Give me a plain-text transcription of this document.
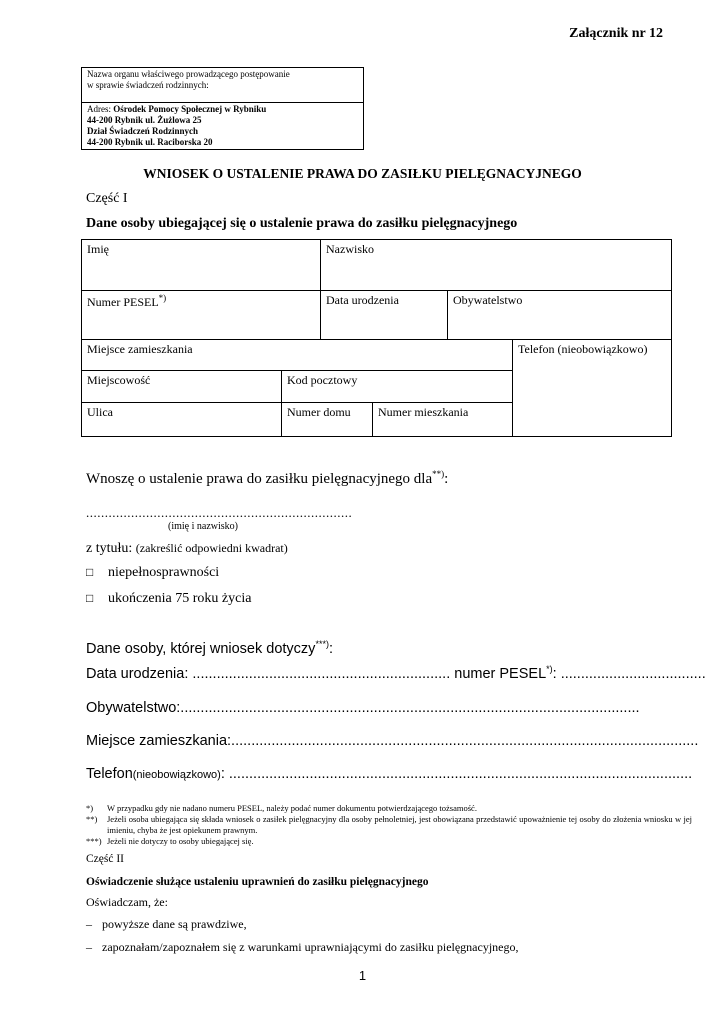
Załącznik nr 12
Nazwa organu właściwego prowadzącego postępowanie
w sprawie świadczeń rodzinnych:
Adres: Ośrodek Pomocy Społecznej w Rybniku
44-200 Rybnik ul. Żużlowa 25
Dział Świadczeń Rodzinnych
44-200 Rybnik ul. Raciborska 20
WNIOSEK O USTALENIE PRAWA DO ZASIŁKU PIELĘGNACYJNEGO
Część I
Dane osoby ubiegającej się o ustalenie prawa do zasiłku pielęgnacyjnego
Imię	Nazwisko
Numer PESEL*)	Data urodzenia	Obywatelstwo
Miejsce zamieszkania	Telefon (nieobowiązkowo)
Miejscowość	Kod pocztowy
Ulica	Numer domu	Numer mieszkania
Wnoszę o ustalenie prawa do zasiłku pielęgnacyjnego dla**):
.......................................................................
(imię i nazwisko)
z tytułu: (zakreślić odpowiedni kwadrat)
□ niepełnosprawności
□ ukończenia 75 roku życia
Dane osoby, której wniosek dotyczy***):
Data urodzenia: ................................................................ numer PESEL*): ....................................
Obywatelstwo:..................................................................................................................
Miejsce zamieszkania:....................................................................................................................
Telefon(nieobowiązkowo): ...................................................................................................................
*)	W przypadku gdy nie nadano numeru PESEL, należy podać numer dokumentu potwierdzającego tożsamość.
**)	Jeżeli osoba ubiegająca się składa wniosek o zasiłek pielęgnacyjny dla osoby pełnoletniej, jest obowiązana przedstawić upoważnienie tej osoby do złożenia wniosku w jej imieniu, chyba że jest opiekunem prawnym.
***) Jeżeli nie dotyczy to osoby ubiegającej się.
Część II
Oświadczenie służące ustaleniu uprawnień do zasiłku pielęgnacyjnego
Oświadczam, że:
– powyższe dane są prawdziwe,
– zapoznałam/zapoznałem się z warunkami uprawniającymi do zasiłku pielęgnacyjnego,
1
